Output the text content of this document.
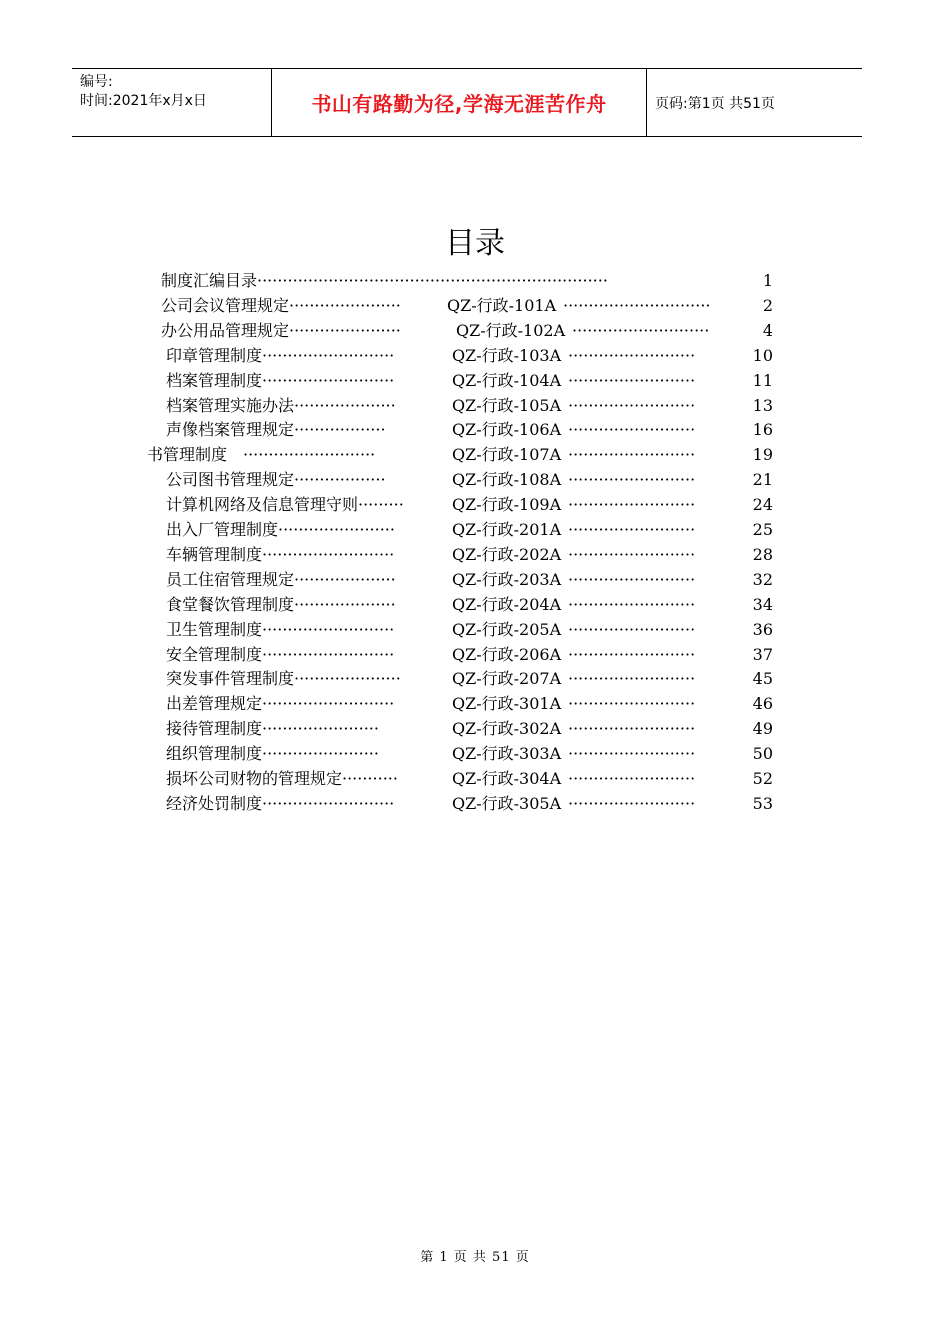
编号:
时间:2021年x月x日	书山有路勤为径,学海无涯苦作舟	页码:第1页 共51页
目录
制度汇编目录 ·····································································	1
公司会议管理规定 ······················	QZ-行政-101A ·····························	2
办公用品管理规定 ······················	QZ-行政-102A ···························	4
印章管理制度 ··························	QZ-行政-103A ·························	10
档案管理制度 ··························	QZ-行政-104A ·························	11
档案管理实施办法 ····················	QZ-行政-105A ·························	13
声像档案管理规定 ··················	QZ-行政-106A ·························	16
书管理制度 ··························	QZ-行政-107A ·························	19
公司图书管理规定 ··················	QZ-行政-108A ·························	21
计算机网络及信息管理守则 ·········	QZ-行政-109A ·························	24
出入厂管理制度 ·······················	QZ-行政-201A ·························	25
车辆管理制度 ··························	QZ-行政-202A ·························	28
员工住宿管理规定 ····················	QZ-行政-203A ·························	32
食堂餐饮管理制度 ····················	QZ-行政-204A ·························	34
卫生管理制度 ··························	QZ-行政-205A ·························	36
安全管理制度 ··························	QZ-行政-206A ·························	37
突发事件管理制度 ·····················	QZ-行政-207A ·························	45
出差管理规定 ··························	QZ-行政-301A ·························	46
接待管理制度 ·······················	QZ-行政-302A ·························	49
组织管理制度 ·······················	QZ-行政-303A ·························	50
损坏公司财物的管理规定 ···········	QZ-行政-304A ·························	52
经济处罚制度 ··························	QZ-行政-305A ·························	53
第 1 页 共 51 页
